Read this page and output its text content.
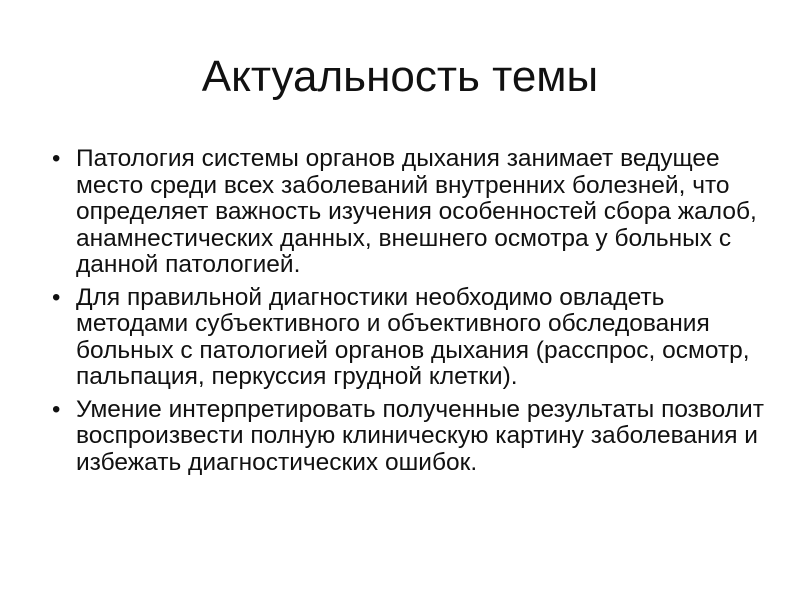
Актуальность темы
• Патология системы органов дыхания занимает ведущее место среди всех заболеваний внутренних болезней, что определяет важность изучения особенностей сбора жалоб, анамнестических данных, внешнего осмотра у больных с данной патологией.
• Для правильной диагностики необходимо овладеть методами субъективного и объективного обследования больных с патологией органов дыхания (расспрос, осмотр, пальпация, перкуссия грудной клетки).
• Умение интерпретировать полученные результаты позволит воспроизвести полную клиническую картину заболевания и избежать диагностических ошибок.
